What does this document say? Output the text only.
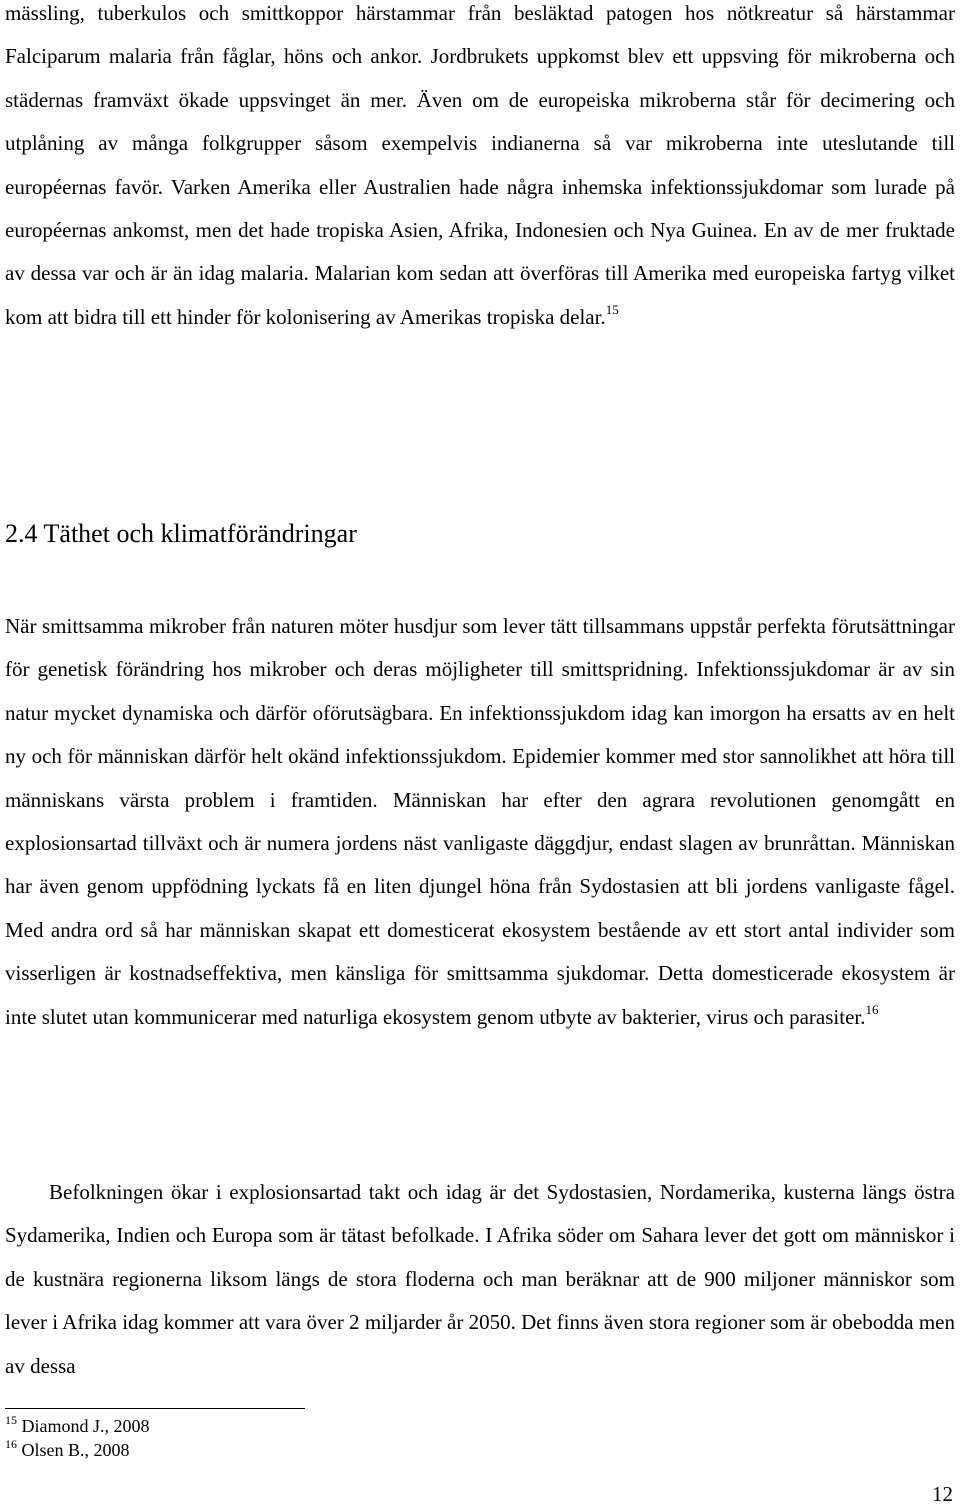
mässling, tuberkulos och smittkoppor härstammar från besläktad patogen hos nötkreatur så härstammar Falciparum malaria från fåglar, höns och ankor. Jordbrukets uppkomst blev ett uppsving för mikroberna och städernas framväxt ökade uppsvinget än mer. Även om de europeiska mikroberna står för decimering och utplåning av många folkgrupper såsom exempelvis indianerna så var mikroberna inte uteslutande till européernas favör. Varken Amerika eller Australien hade några inhemska infektionssjukdomar som lurade på européernas ankomst, men det hade tropiska Asien, Afrika, Indonesien och Nya Guinea. En av de mer fruktade av dessa var och är än idag malaria. Malarian kom sedan att överföras till Amerika med europeiska fartyg vilket kom att bidra till ett hinder för kolonisering av Amerikas tropiska delar.$^{15}$

2.4 Täthet och klimatförändringar

När smittsamma mikrober från naturen möter husdjur som lever tätt tillsammans uppstår perfekta förutsättningar för genetisk förändring hos mikrober och deras möjligheter till smittspridning. Infektionssjukdomar är av sin natur mycket dynamiska och därför oförutsägbara. En infektionssjukdom idag kan imorgon ha ersatts av en helt ny och för människan därför helt okänd infektionssjukdom. Epidemier kommer med stor sannolikhet att höra till människans värsta problem i framtiden. Människan har efter den agrara revolutionen genomgått en explosionsartad tillväxt och är numera jordens näst vanligaste däggdjur, endast slagen av brunråttan. Människan har även genom uppfödning lyckats få en liten djungel höna från Sydostasien att bli jordens vanligaste fågel. Med andra ord så har människan skapat ett domesticerat ekosystem bestående av ett stort antal individer som visserligen är kostnadseffektiva, men känsliga för smittsamma sjukdomar. Detta domesticerade ekosystem är inte slutet utan kommunicerar med naturliga ekosystem genom utbyte av bakterier, virus och parasiter.$^{16}$

Befolkningen ökar i explosionsartad takt och idag är det Sydostasien, Nordamerika, kusterna längs östra Sydamerika, Indien och Europa som är tätast befolkade. I Afrika söder om Sahara lever det gott om människor i de kustnära regionerna liksom längs de stora floderna och man beräknar att de 900 miljoner människor som lever i Afrika idag kommer att vara över 2 miljarder år 2050. Det finns även stora regioner som är obebodda men av dessa

$^{15}$ Diamond J., 2008

$^{16}$ Olsen B., 2008

12
